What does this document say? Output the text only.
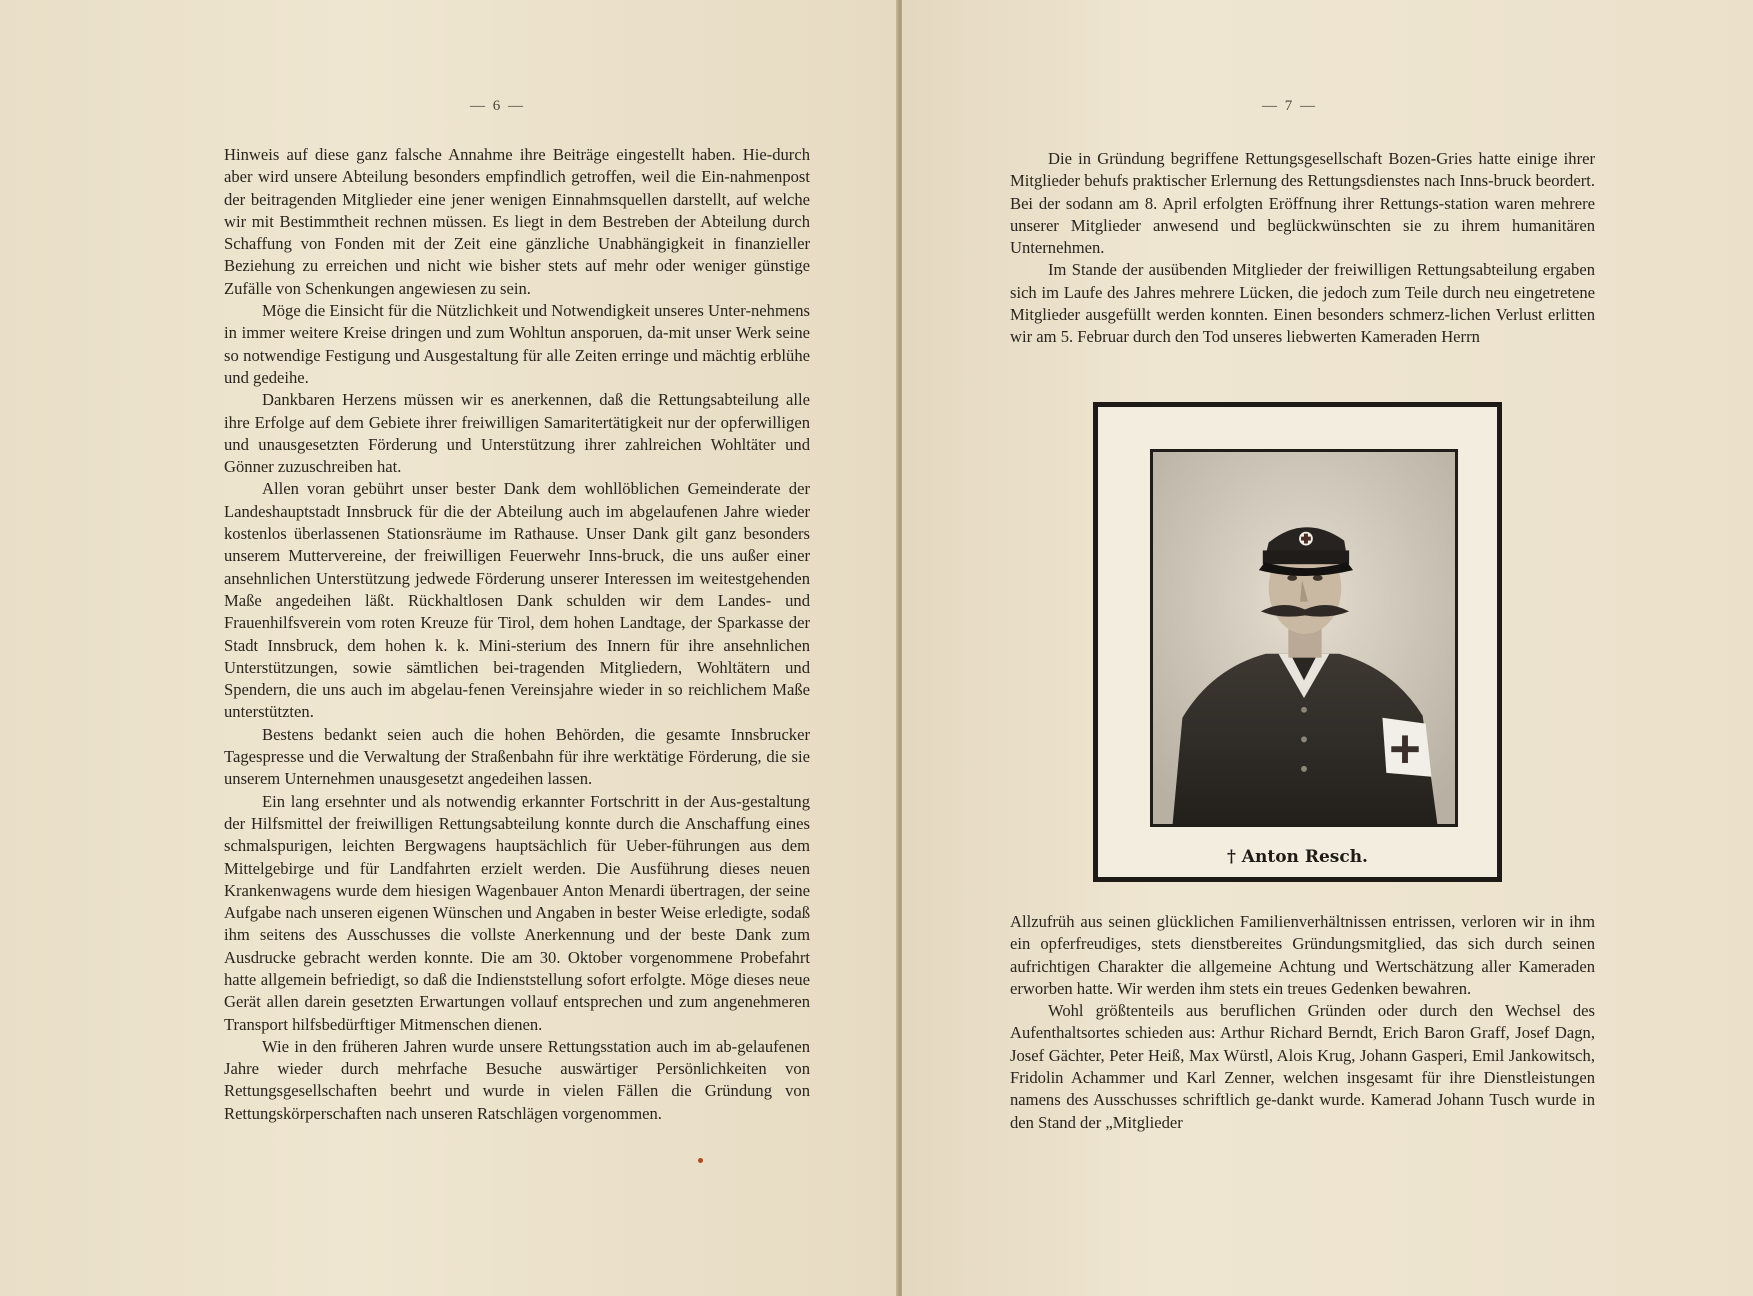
— 6 —	— 7 —

Hinweis auf diese ganz falsche Annahme ihre Beiträge eingestellt haben. Hie-durch aber wird unsere Abteilung besonders empfindlich getroffen, weil die Ein-nahmenpost der beitragenden Mitglieder eine jener wenigen Einnahmsquellen darstellt, auf welche wir mit Bestimmtheit rechnen müssen. Es liegt in dem Bestreben der Abteilung durch Schaffung von Fonden mit der Zeit eine gänzliche Unabhängigkeit in finanzieller Beziehung zu erreichen und nicht wie bisher stets auf mehr oder weniger günstige Zufälle von Schenkungen angewiesen zu sein.

Möge die Einsicht für die Nützlichkeit und Notwendigkeit unseres Unter-nehmens in immer weitere Kreise dringen und zum Wohltun ansporuen, da-mit unser Werk seine so notwendige Festigung und Ausgestaltung für alle Zeiten erringe und mächtig erblühe und gedeihe.

Dankbaren Herzens müssen wir es anerkennen, daß die Rettungsabteilung alle ihre Erfolge auf dem Gebiete ihrer freiwilligen Samaritertätigkeit nur der opferwilligen und unausgesetzten Förderung und Unterstützung ihrer zahlreichen Wohltäter und Gönner zuzuschreiben hat.

Allen voran gebührt unser bester Dank dem wohllöblichen Gemeinderate der Landeshauptstadt Innsbruck für die der Abteilung auch im abgelaufenen Jahre wieder kostenlos überlassenen Stationsräume im Rathause. Unser Dank gilt ganz besonders unserem Muttervereine, der freiwilligen Feuerwehr Inns-bruck, die uns außer einer ansehnlichen Unterstützung jedwede Förderung unserer Interessen im weitestgehenden Maße angedeihen läßt. Rückhaltlosen Dank schulden wir dem Landes- und Frauenhilfsverein vom roten Kreuze für Tirol, dem hohen Landtage, der Sparkasse der Stadt Innsbruck, dem hohen k. k. Mini-sterium des Innern für ihre ansehnlichen Unterstützungen, sowie sämtlichen bei-tragenden Mitgliedern, Wohltätern und Spendern, die uns auch im abgelau-fenen Vereinsjahre wieder in so reichlichem Maße unterstützten.

Bestens bedankt seien auch die hohen Behörden, die gesamte Innsbrucker Tagespresse und die Verwaltung der Straßenbahn für ihre werktätige Förderung, die sie unserem Unternehmen unausgesetzt angedeihen lassen.

Ein lang ersehnter und als notwendig erkannter Fortschritt in der Aus-gestaltung der Hilfsmittel der freiwilligen Rettungsabteilung konnte durch die Anschaffung eines schmalspurigen, leichten Bergwagens hauptsächlich für Ueber-führungen aus dem Mittelgebirge und für Landfahrten erzielt werden. Die Ausführung dieses neuen Krankenwagens wurde dem hiesigen Wagenbauer Anton Menardi übertragen, der seine Aufgabe nach unseren eigenen Wünschen und Angaben in bester Weise erledigte, sodaß ihm seitens des Ausschusses die vollste Anerkennung und der beste Dank zum Ausdrucke gebracht werden konnte. Die am 30. Oktober vorgenommene Probefahrt hatte allgemein befriedigt, so daß die Indienststellung sofort erfolgte. Möge dieses neue Gerät allen darein gesetzten Erwartungen vollauf entsprechen und zum angenehmeren Transport hilfsbedürftiger Mitmenschen dienen.

Wie in den früheren Jahren wurde unsere Rettungsstation auch im ab-gelaufenen Jahre wieder durch mehrfache Besuche auswärtiger Persönlichkeiten von Rettungsgesellschaften beehrt und wurde in vielen Fällen die Gründung von Rettungskörperschaften nach unseren Ratschlägen vorgenommen.

Die in Gründung begriffene Rettungsgesellschaft Bozen-Gries hatte einige ihrer Mitglieder behufs praktischer Erlernung des Rettungsdienstes nach Inns-bruck beordert. Bei der sodann am 8. April erfolgten Eröffnung ihrer Rettungs-station waren mehrere unserer Mitglieder anwesend und beglückwünschten sie zu ihrem humanitären Unternehmen.

Im Stande der ausübenden Mitglieder der freiwilligen Rettungsabteilung ergaben sich im Laufe des Jahres mehrere Lücken, die jedoch zum Teile durch neu eingetretene Mitglieder ausgefüllt werden konnten. Einen besonders schmerz-lichen Verlust erlitten wir am 5. Februar durch den Tod unseres liebwerten Kameraden Herrn

† Anton Resch.

Allzufrüh aus seinen glücklichen Familienverhältnissen entrissen, verloren wir in ihm ein opferfreudiges, stets dienstbereites Gründungsmitglied, das sich durch seinen aufrichtigen Charakter die allgemeine Achtung und Wertschätzung aller Kameraden erworben hatte. Wir werden ihm stets ein treues Gedenken bewahren.

Wohl größtenteils aus beruflichen Gründen oder durch den Wechsel des Aufenthaltsortes schieden aus: Arthur Richard Berndt, Erich Baron Graff, Josef Dagn, Josef Gächter, Peter Heiß, Max Würstl, Alois Krug, Johann Gasperi, Emil Jankowitsch, Fridolin Achammer und Karl Zenner, welchen insgesamt für ihre Dienstleistungen namens des Ausschusses schriftlich ge-dankt wurde. Kamerad Johann Tusch wurde in den Stand der „Mitglieder
